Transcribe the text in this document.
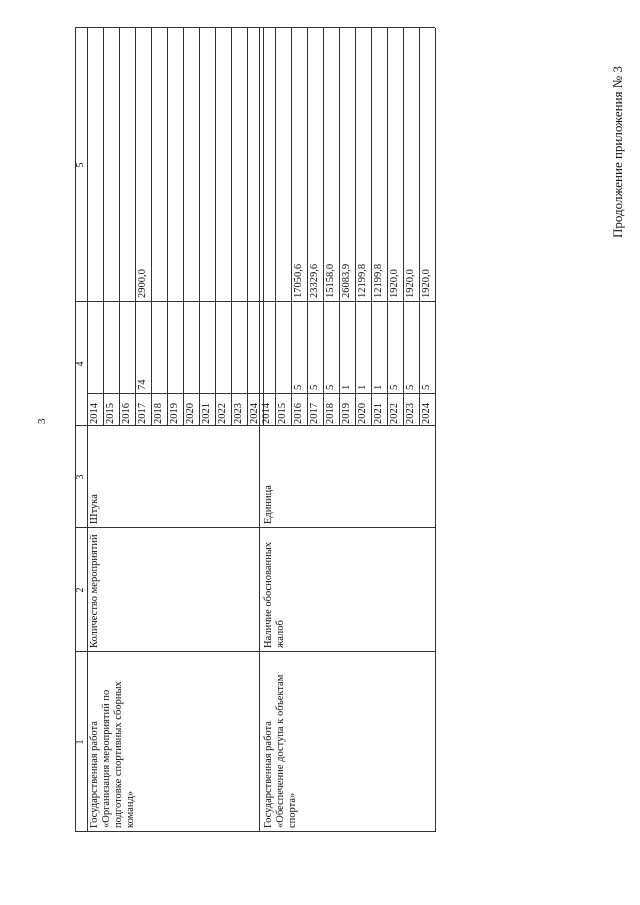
3
Продолжение приложения № 3
1
2
3
4
5
Государственная работа «Организация мероприятий по подготовке спортивных сборных команд»
Количество мероприятий
Штука
Государственная работа «Обеспечение доступа к объектам спорта»
Наличие обоснованных жалоб
Единица
2014 2015 2016 2017
74
2900,0
2018 2019 2020 2021 2022 2023 2024 2014 2015 2016
5
17050,6
2017
5
23329,6
2018
5
15158,0
2019
1
26083,9
2020
1
12199,8
2021
1
12199,8
2022
5
1920,0
2023
5
1920,0
2024
5
1920,0
